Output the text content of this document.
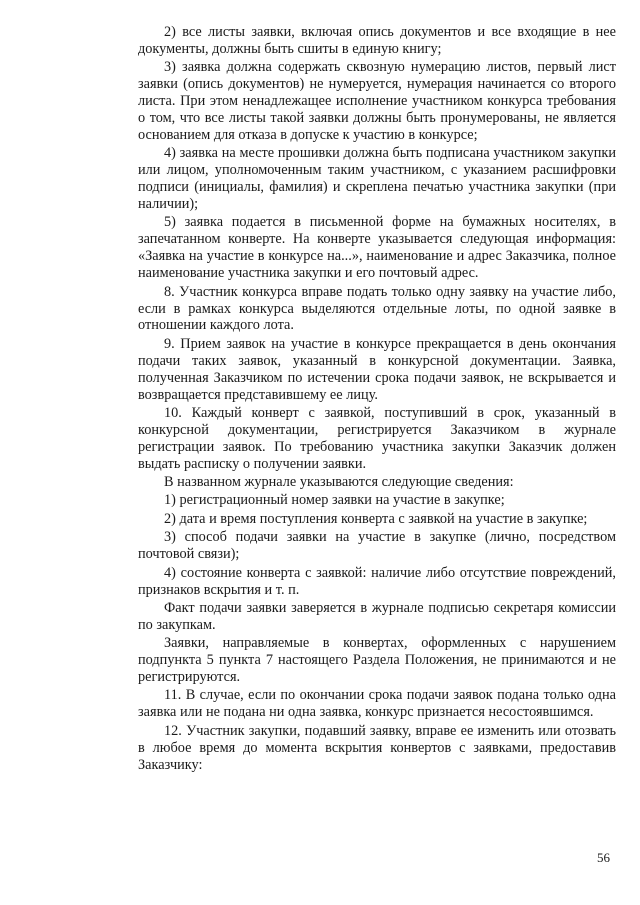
2) все листы заявки, включая опись документов и все входящие в нее документы, должны быть сшиты в единую книгу;

3) заявка должна содержать сквозную нумерацию листов, первый лист заявки (опись документов) не нумеруется, нумерация начинается со второго листа. При этом ненадлежащее исполнение участником конкурса требования о том, что все листы такой заявки должны быть пронумерованы, не является основанием для отказа в допуске к участию в конкурсе;

4) заявка на месте прошивки должна быть подписана участником закупки или лицом, уполномоченным таким участником, с указанием расшифровки подписи (инициалы, фамилия) и скреплена печатью участника закупки (при наличии);

5) заявка подается в письменной форме на бумажных носителях, в запечатанном конверте. На конверте указывается следующая информация: «Заявка на участие в конкурсе на...», наименование и адрес Заказчика, полное наименование участника закупки и его почтовый адрес.

8. Участник конкурса вправе подать только одну заявку на участие либо, если в рамках конкурса выделяются отдельные лоты, по одной заявке в отношении каждого лота.

9. Прием заявок на участие в конкурсе прекращается в день окончания подачи таких заявок, указанный в конкурсной документации. Заявка, полученная Заказчиком по истечении срока подачи заявок, не вскрывается и возвращается представившему ее лицу.

10. Каждый конверт с заявкой, поступивший в срок, указанный в конкурсной документации, регистрируется Заказчиком в журнале регистрации заявок. По требованию участника закупки Заказчик должен выдать расписку о получении заявки.

В названном журнале указываются следующие сведения:

1) регистрационный номер заявки на участие в закупке;

2) дата и время поступления конверта с заявкой на участие в закупке;

3) способ подачи заявки на участие в закупке (лично, посредством почтовой связи);

4) состояние конверта с заявкой: наличие либо отсутствие повреждений, признаков вскрытия и т. п.

Факт подачи заявки заверяется в журнале подписью секретаря комиссии по закупкам.

Заявки, направляемые в конвертах, оформленных с нарушением подпункта 5 пункта 7 настоящего Раздела Положения, не принимаются и не регистрируются.

11. В случае, если по окончании срока подачи заявок подана только одна заявка или не подана ни одна заявка, конкурс признается несостоявшимся.

12. Участник закупки, подавший заявку, вправе ее изменить или отозвать в любое время до момента вскрытия конвертов с заявками, предоставив Заказчику:

56
